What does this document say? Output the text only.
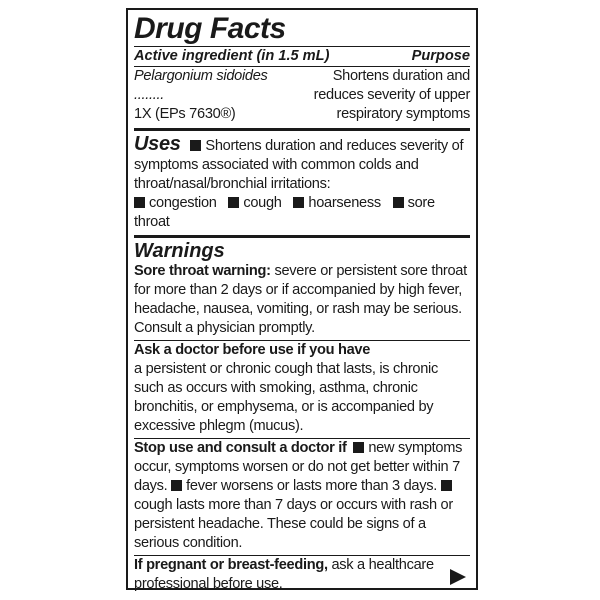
Drug Facts
Active ingredient (in 1.5 mL)	Purpose
Pelargonium sidoides ........
1X (EPs 7630®)
Shortens duration and reduces severity of upper respiratory symptoms
Uses Shortens duration and reduces severity of symptoms associated with common colds and throat/nasal/bronchial irritations:
congestion cough hoarseness sore throat
Warnings
Sore throat warning: severe or persistent sore throat for more than 2 days or if accompanied by high fever, headache, nausea, vomiting, or rash may be serious. Consult a physician promptly.
Ask a doctor before use if you have
a persistent or chronic cough that lasts, is chronic such as occurs with smoking, asthma, chronic bronchitis, or emphysema, or is accompanied by excessive phlegm (mucus).
Stop use and consult a doctor if new symptoms occur, symptoms worsen or do not get better within 7 days. fever worsens or lasts more than 3 days. cough lasts more than 7 days or occurs with rash or persistent headache. These could be signs of a serious condition.
If pregnant or breast-feeding, ask a healthcare professional before use.
